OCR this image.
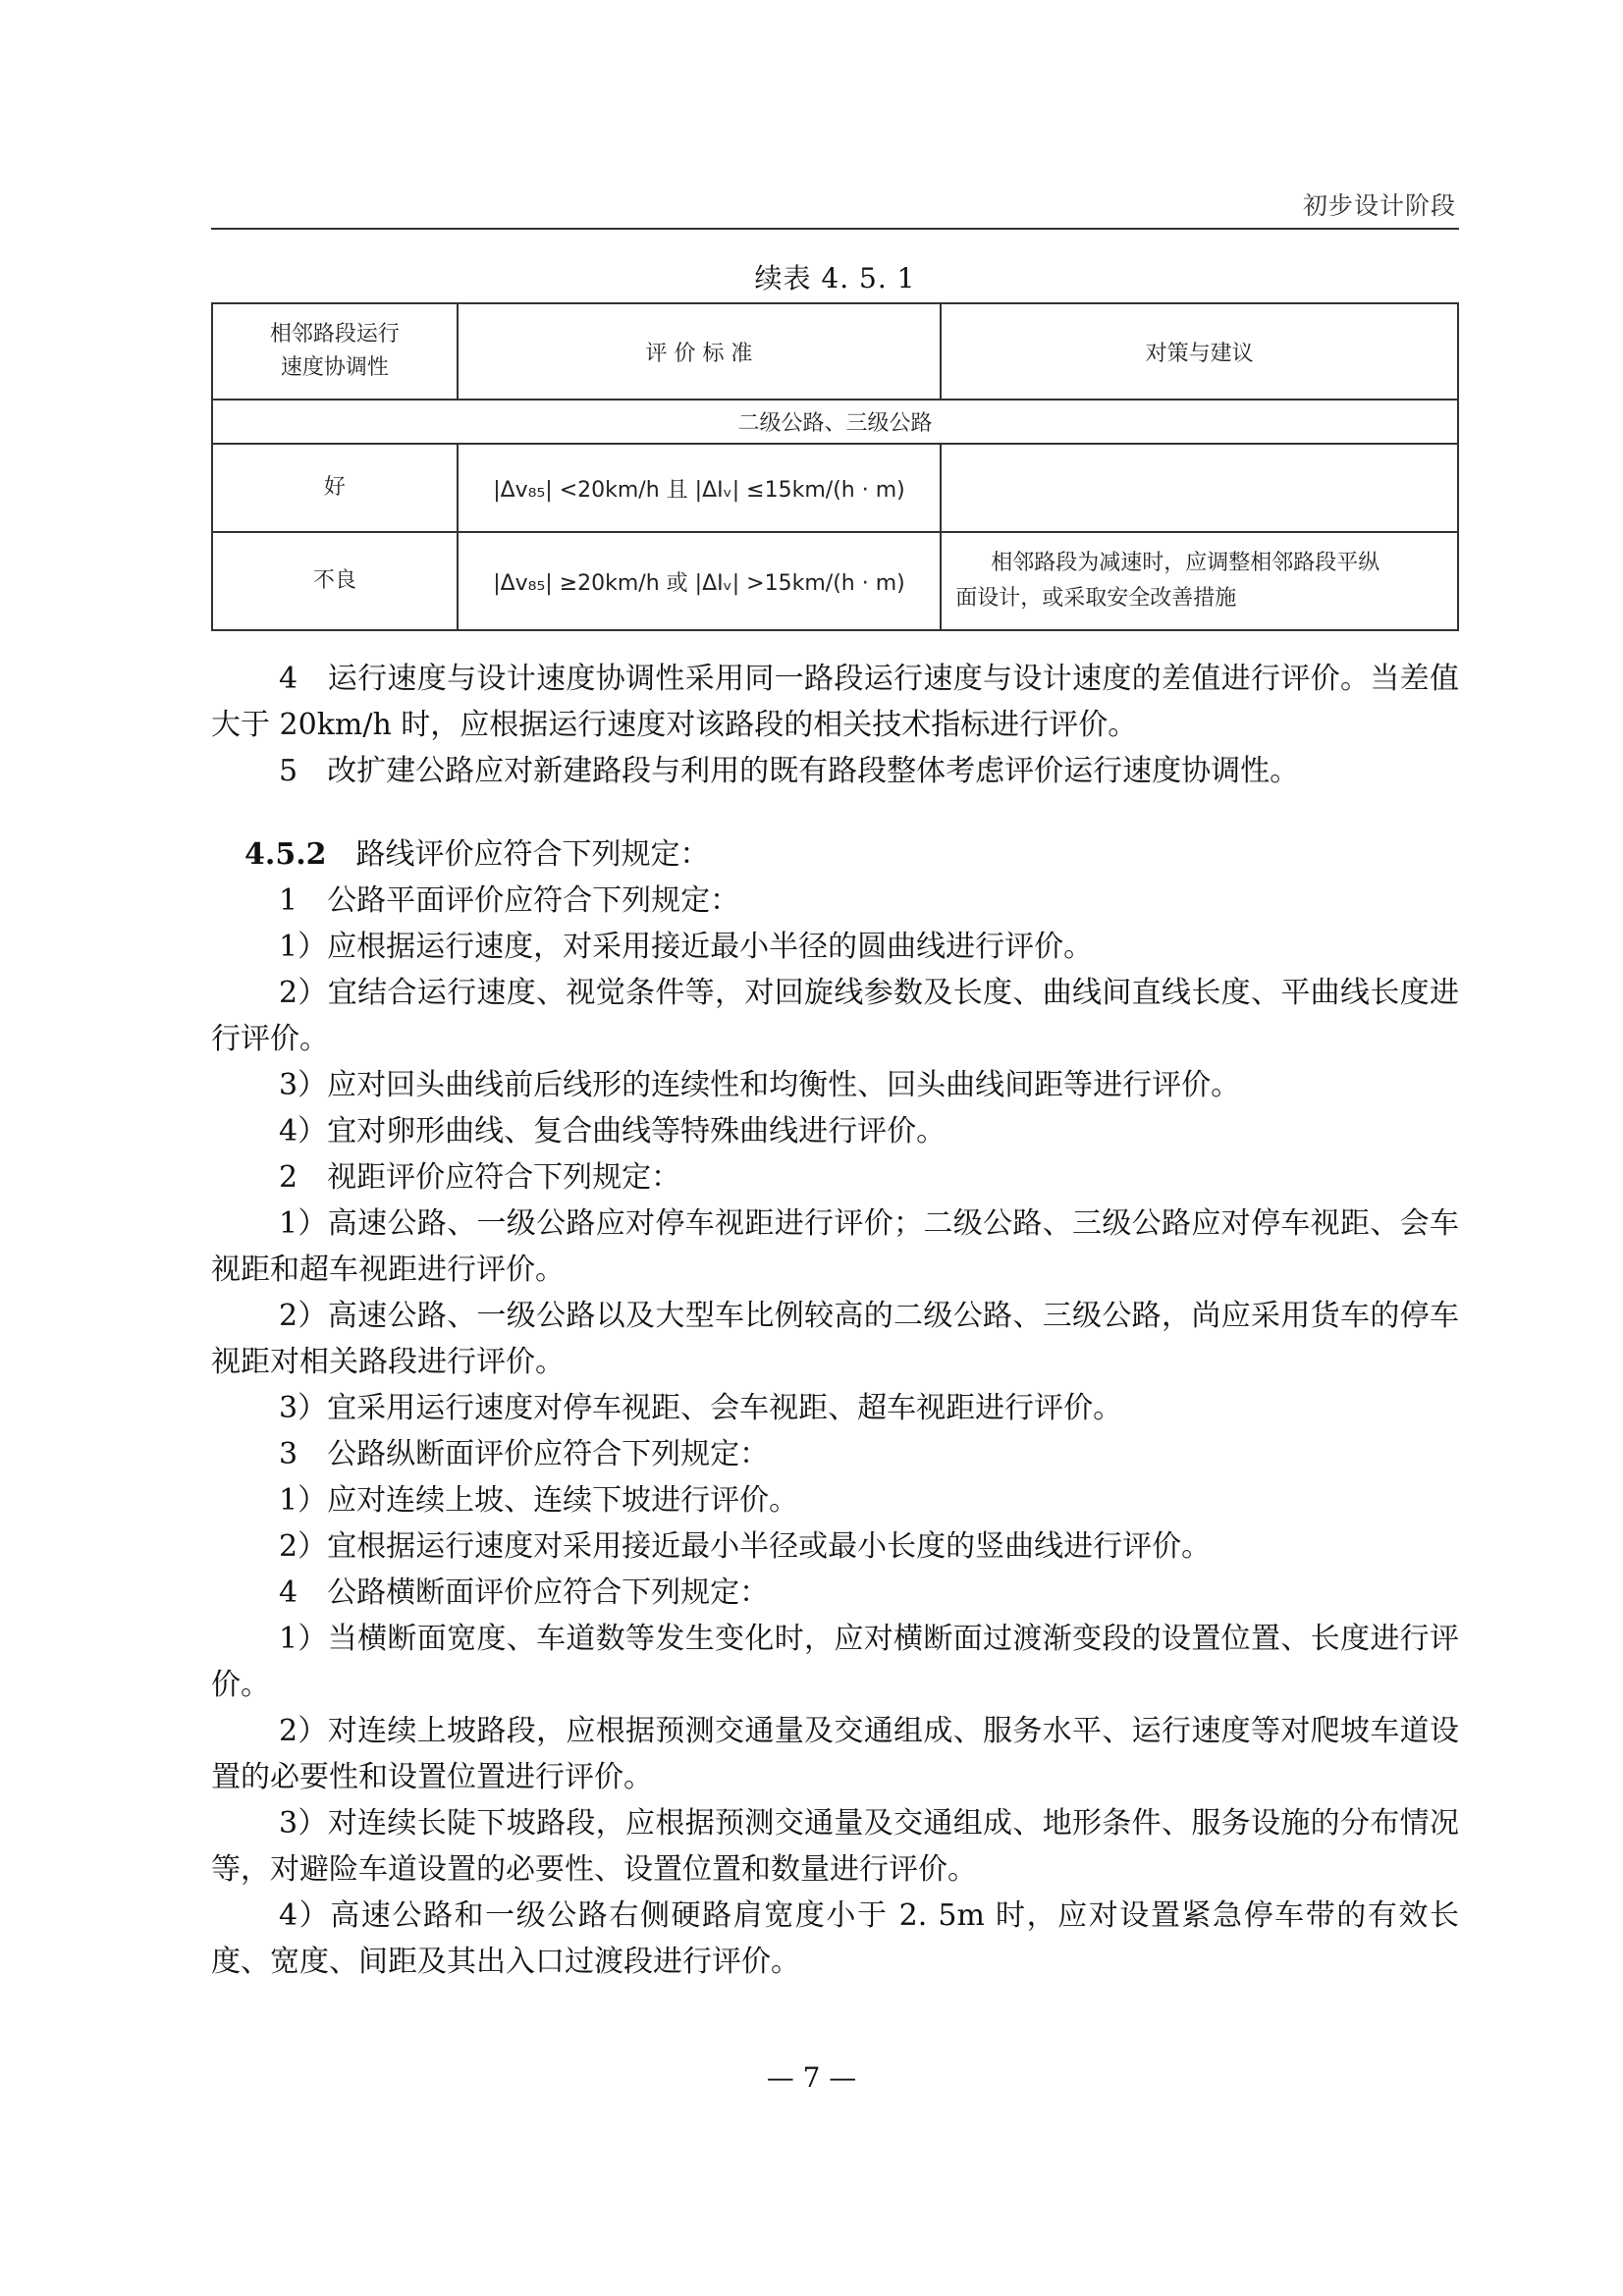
初步设计阶段
续表 4. 5. 1
相邻路段运行
速度协调性	评 价 标 准	对策与建议
二级公路、三级公路		
好	|Δv₈₅| <20km/h 且 |ΔIᵥ| ≤15km/(h · m)	
不良	|Δv₈₅| ≥20km/h 或 |ΔIᵥ| >15km/(h · m)	相邻路段为减速时，应调整相邻路段平纵
面设计，或采取安全改善措施

4　运行速度与设计速度协调性采用同一路段运行速度与设计速度的差值进行评价。当差值大于 20km/h 时，应根据运行速度对该路段的相关技术指标进行评价。

5　改扩建公路应对新建路段与利用的既有路段整体考虑评价运行速度协调性。

4.5.2　 路线评价应符合下列规定：

1　公路平面评价应符合下列规定：

1）应根据运行速度，对采用接近最小半径的圆曲线进行评价。

2）宜结合运行速度、视觉条件等，对回旋线参数及长度、曲线间直线长度、平曲线长度进行评价。

3）应对回头曲线前后线形的连续性和均衡性、回头曲线间距等进行评价。

4）宜对卵形曲线、复合曲线等特殊曲线进行评价。

2　视距评价应符合下列规定：

1）高速公路、一级公路应对停车视距进行评价；二级公路、三级公路应对停车视距、会车视距和超车视距进行评价。

2）高速公路、一级公路以及大型车比例较高的二级公路、三级公路，尚应采用货车的停车视距对相关路段进行评价。

3）宜采用运行速度对停车视距、会车视距、超车视距进行评价。

3　公路纵断面评价应符合下列规定：

1）应对连续上坡、连续下坡进行评价。

2）宜根据运行速度对采用接近最小半径或最小长度的竖曲线进行评价。

4　公路横断面评价应符合下列规定：

1）当横断面宽度、车道数等发生变化时，应对横断面过渡渐变段的设置位置、长度进行评价。

2）对连续上坡路段，应根据预测交通量及交通组成、服务水平、运行速度等对爬坡车道设置的必要性和设置位置进行评价。

3）对连续长陡下坡路段，应根据预测交通量及交通组成、地形条件、服务设施的分布情况等，对避险车道设置的必要性、设置位置和数量进行评价。

4）高速公路和一级公路右侧硬路肩宽度小于 2. 5m 时，应对设置紧急停车带的有效长度、宽度、间距及其出入口过渡段进行评价。

— 7 —
